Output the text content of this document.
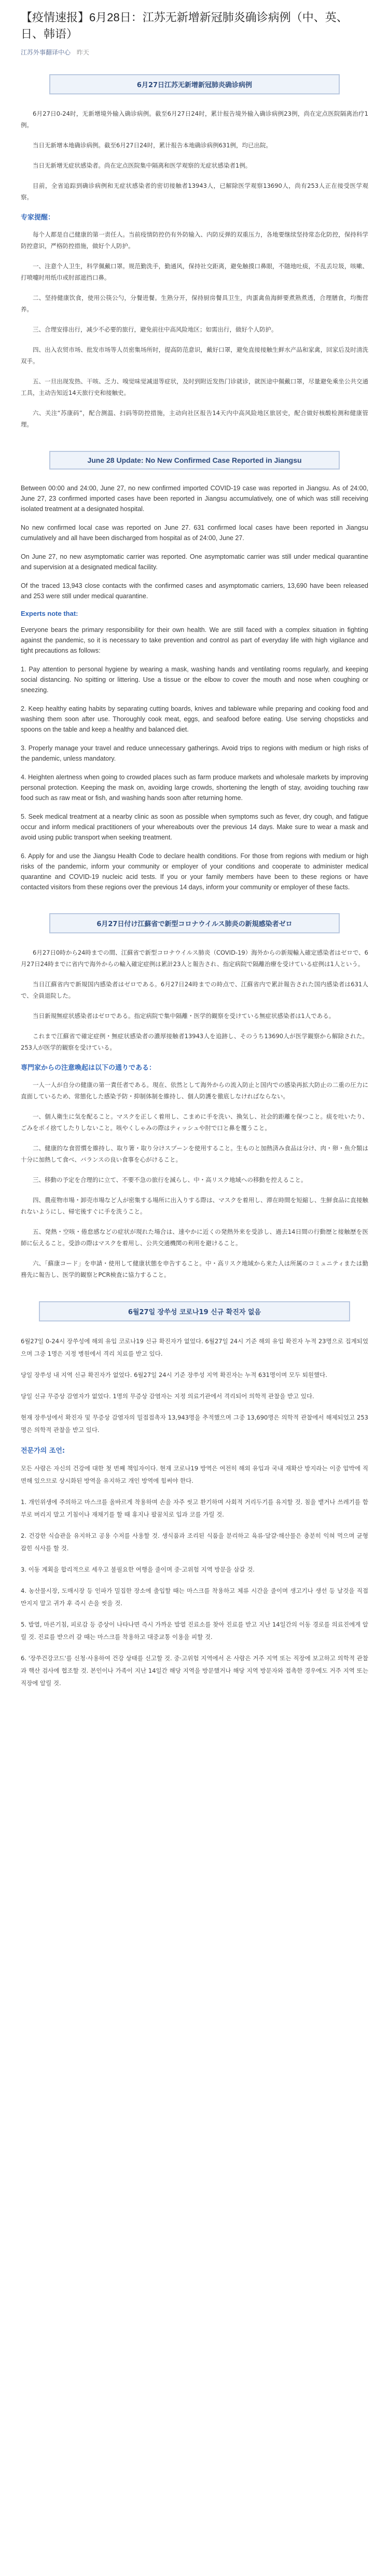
【疫情速报】6月28日：江苏无新增新冠肺炎确诊病例（中、英、日、韩语）
江苏外事翻译中心 昨天
6月27日江苏无新增新冠肺炎确诊病例

6月27日0-24时，无新增境外输入确诊病例。截至6月27日24时，累计报告境外输入确诊病例23例，尚在定点医院隔离治疗1例。

当日无新增本地确诊病例。截至6月27日24时，累计报告本地确诊病例631例，均已出院。

当日无新增无症状感染者。尚在定点医院集中隔离和医学观察的无症状感染者1例。

目前，全省追踪到确诊病例和无症状感染者的密切接触者13943人，已解除医学观察13690人，尚有253人正在接受医学观察。

专家提醒：

每个人都是自己健康的第一责任人。当前疫情防控仍有外防输入、内防反弹的双重压力，各地要继续坚持常态化防控，保持科学防控意识，严格防控措施，做好个人防护。

一、注意个人卫生，科学佩戴口罩。规范勤洗手，勤通风，保持社交距离，避免触摸口鼻眼，不随地吐痰，不乱丢垃圾，咳嗽、打喷嚏时用纸巾或肘部遮挡口鼻。

二、坚持健康饮食，使用公筷公勺，分餐进餐。生熟分开，保持厨房餐具卫生，肉蛋禽鱼海鲜要煮熟煮透，合理膳食，均衡营养。

三、合理安排出行，减少不必要的旅行，避免前往中高风险地区；如需出行，做好个人防护。

四、出入农贸市场、批发市场等人员密集场所时，提高防范意识，戴好口罩，避免直接接触生鲜水产品和家禽，回家后及时清洗双手。

五、一旦出现发热、干咳、乏力、嗅觉味觉减退等症状，及时到附近发热门诊就诊，就医途中佩戴口罩，尽量避免乘坐公共交通工具，主动告知近14天旅行史和接触史。

六、关注“苏康码”，配合测温、扫码等防控措施，主动向社区报告14天内中高风险地区旅居史，配合做好核酸检测和健康管理。

June 28 Update: No New Confirmed Case Reported in Jiangsu

Between 00:00 and 24:00, June 27, no new confirmed imported COVID-19 case was reported in Jiangsu. As of 24:00, June 27, 23 confirmed imported cases have been reported in Jiangsu accumulatively, one of which was still receiving isolated treatment at a designated hospital.

No new confirmed local case was reported on June 27. 631 confirmed local cases have been reported in Jiangsu cumulatively and all have been discharged from hospital as of 24:00, June 27.

On June 27, no new asymptomatic carrier was reported. One asymptomatic carrier was still under medical quarantine and supervision at a designated medical facility.

Of the traced 13,943 close contacts with the confirmed cases and asymptomatic carriers, 13,690 have been released and 253 were still under medical quarantine.

Experts note that:

Everyone bears the primary responsibility for their own health. We are still faced with a complex situation in fighting against the pandemic, so it is necessary to take prevention and control as part of everyday life with high vigilance and tight precautions as follows:

1. Pay attention to personal hygiene by wearing a mask, washing hands and ventilating rooms regularly, and keeping social distancing. No spitting or littering. Use a tissue or the elbow to cover the mouth and nose when coughing or sneezing.

2. Keep healthy eating habits by separating cutting boards, knives and tableware while preparing and cooking food and washing them soon after use. Thoroughly cook meat, eggs, and seafood before eating. Use serving chopsticks and spoons on the table and keep a healthy and balanced diet.

3. Properly manage your travel and reduce unnecessary gatherings. Avoid trips to regions with medium or high risks of the pandemic, unless mandatory.

4. Heighten alertness when going to crowded places such as farm produce markets and wholesale markets by improving personal protection. Keeping the mask on, avoiding large crowds, shortening the length of stay, avoiding touching raw food such as raw meat or fish, and washing hands soon after returning home.

5. Seek medical treatment at a nearby clinic as soon as possible when symptoms such as fever, dry cough, and fatigue occur and inform medical practitioners of your whereabouts over the previous 14 days. Make sure to wear a mask and avoid using public transport when seeking treatment.

6. Apply for and use the Jiangsu Health Code to declare health conditions. For those from regions with medium or high risks of the pandemic, inform your community or employer of your conditions and cooperate to administer medical quarantine and COVID-19 nucleic acid tests. If you or your family members have been to these regions or have contacted visitors from these regions over the previous 14 days, inform your community or employer of these facts.

6月27日付け江蘇省で新型コロナウイルス肺炎の新規感染者ゼロ

6月27日0時から24時までの間、江蘇省で新型コロナウイルス肺炎（COVID-19）海外からの新規輸入確定感染者はゼロで、6月27日24時までに省内で海外からの輸入確定症例は累計23人と報告され、指定病院で隔離治療を受けている症例は1人という。

当日江蘇省内で新規国内感染者はゼロである。6月27日24時までの時点で、江蘇省内で累計報告された国内感染者は631人で、全員退院した。

当日新規無症状感染者はゼロである。指定病院で集中隔離・医学的観察を受けている無症状感染者は1人である。

これまで江蘇省で確定症例・無症状感染者の濃厚接触者13943人を追跡し、そのうち13690人が医学観察から解除された。253人が医学的観察を受けている。

専門家からの注意喚起は以下の通りである：

一人一人が自分の健康の第一責任者である。現在、依然として海外からの流入防止と国内での感染再拡大防止の二重の圧力に直面しているため、常態化した感染予防・抑制体制を維持し、個人防護を徹底しなければならない。

一、個人衛生に気を配ること。マスクを正しく着用し、こまめに手を洗い、換気し、社会的距離を保つこと。痰を吐いたり、ごみをポイ捨てしたりしないこと。咳やくしゃみの際はティッシュや肘で口と鼻を覆うこと。

二、健康的な食習慣を維持し、取り箸・取り分けスプーンを使用すること。生ものと加熱済み食品は分け、肉・卵・魚介類は十分に加熱して食べ、バランスの良い食事を心がけること。

三、移動の予定を合理的に立て、不要不急の旅行を減らし、中・高リスク地域への移動を控えること。

四、農産物市場・卸売市場など人が密集する場所に出入りする際は、マスクを着用し、滞在時間を短縮し、生鮮食品に直接触れないようにし、帰宅後すぐに手を洗うこと。

五、発熱・空咳・倦怠感などの症状が現れた場合は、速やかに近くの発熱外来を受診し、過去14日間の行動歴と接触歴を医師に伝えること。受診の際はマスクを着用し、公共交通機関の利用を避けること。

六、「蘇康コード」を申請・使用して健康状態を申告すること。中・高リスク地域から来た人は所属のコミュニティまたは勤務先に報告し、医学的観察とPCR検査に協力すること。

6월27일 장쑤성 코로나19 신규 확진자 없음

6월27일 0-24시 장쑤성에 해외 유입 코로나19 신규 확진자가 없었다. 6월27일 24시 기준 해외 유입 확진자 누적 23명으로 집계되었으며 그중 1명은 지정 병원에서 격리 치료를 받고 있다.

당일 장쑤성 내 지역 신규 확진자가 없었다. 6월27일 24시 기준 장쑤성 지역 확진자는 누적 631명이며 모두 퇴원했다.

당일 신규 무증상 감염자가 없었다. 1명의 무증상 감염자는 지정 의료기관에서 격리되어 의학적 관찰을 받고 있다.

현재 장쑤성에서 확진자 및 무증상 감염자의 밀접접촉자 13,943명을 추적했으며 그중 13,690명은 의학적 관찰에서 해제되었고 253명은 의학적 관찰을 받고 있다.

전문가의 조언:

모든 사람은 자신의 건강에 대한 첫 번째 책임자이다. 현재 코로나19 방역은 여전히 해외 유입과 국내 재확산 방지라는 이중 압박에 직면해 있으므로 상시화된 방역을 유지하고 개인 방역에 힘써야 한다.

1. 개인위생에 주의하고 마스크를 올바르게 착용하며 손을 자주 씻고 환기하며 사회적 거리두기를 유지할 것. 침을 뱉거나 쓰레기를 함부로 버리지 말고 기침이나 재채기를 할 때 휴지나 팔꿈치로 입과 코를 가릴 것.

2. 건강한 식습관을 유지하고 공용 수저를 사용할 것. 생식품과 조리된 식품을 분리하고 육류·달걀·해산물은 충분히 익혀 먹으며 균형 잡힌 식사를 할 것.

3. 이동 계획을 합리적으로 세우고 불필요한 여행을 줄이며 중·고위험 지역 방문을 삼갈 것.

4. 농산물시장, 도매시장 등 인파가 밀집한 장소에 출입할 때는 마스크를 착용하고 체류 시간을 줄이며 생고기나 생선 등 날것을 직접 만지지 말고 귀가 후 즉시 손을 씻을 것.

5. 발열, 마른기침, 피로감 등 증상이 나타나면 즉시 가까운 발열 진료소를 찾아 진료를 받고 지난 14일간의 이동 경로를 의료진에게 알릴 것. 진료를 받으러 갈 때는 마스크를 착용하고 대중교통 이용을 피할 것.

6. '장쑤건강코드'를 신청·사용하여 건강 상태를 신고할 것. 중·고위험 지역에서 온 사람은 거주 지역 또는 직장에 보고하고 의학적 관찰과 핵산 검사에 협조할 것. 본인이나 가족이 지난 14일간 해당 지역을 방문했거나 해당 지역 방문자와 접촉한 경우에도 거주 지역 또는 직장에 알릴 것.
